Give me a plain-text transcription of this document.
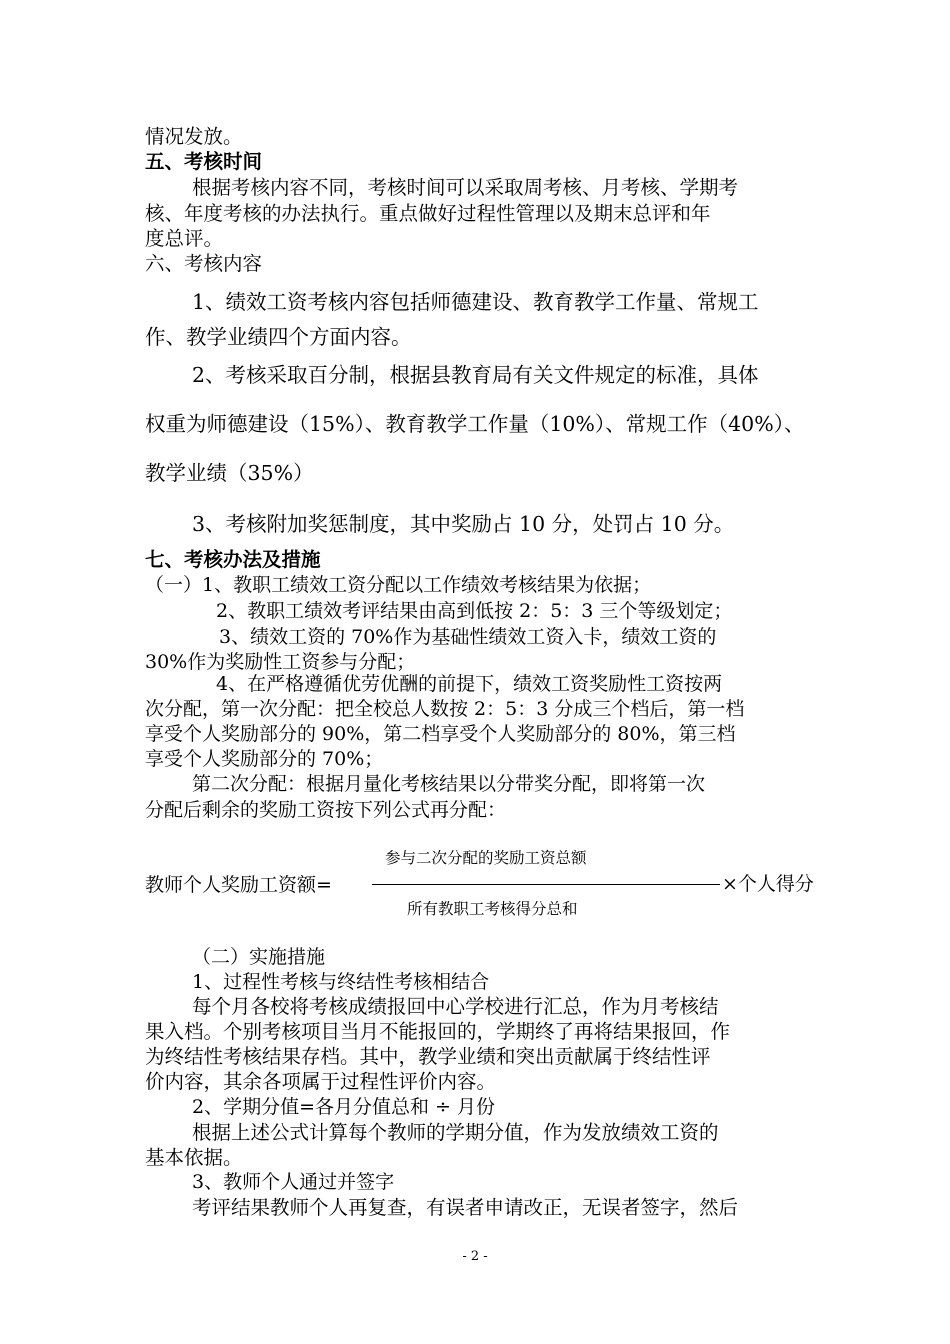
情况发放。
五、考核时间
根据考核内容不同，考核时间可以采取周考核、月考核、学期考
核、年度考核的办法执行。重点做好过程性管理以及期末总评和年
度总评。
六、考核内容
1、绩效工资考核内容包括师德建设、教育教学工作量、常规工
作、教学业绩四个方面内容。
2、考核采取百分制，根据县教育局有关文件规定的标准，具体
权重为师德建设（15%）、教育教学工作量（10%）、常规工作（40%）、
教学业绩（35%）
3、考核附加奖惩制度，其中奖励占 10 分，处罚占 10 分。
七、考核办法及措施
（一）1、教职工绩效工资分配以工作绩效考核结果为依据；
2、教职工绩效考评结果由高到低按 2：5：3 三个等级划定；
3、绩效工资的 70%作为基础性绩效工资入卡，绩效工资的
30%作为奖励性工资参与分配；
4、在严格遵循优劳优酬的前提下，绩效工资奖励性工资按两
次分配，第一次分配：把全校总人数按 2：5：3 分成三个档后，第一档
享受个人奖励部分的 90%，第二档享受个人奖励部分的 80%，第三档
享受个人奖励部分的 70%；
第二次分配：根据月量化考核结果以分带奖分配，即将第一次
分配后剩余的奖励工资按下列公式再分配：
参与二次分配的奖励工资总额
教师个人奖励工资额=	×个人得分
所有教职工考核得分总和
（二）实施措施
1、过程性考核与终结性考核相结合
每个月各校将考核成绩报回中心学校进行汇总，作为月考核结
果入档。个别考核项目当月不能报回的，学期终了再将结果报回，作
为终结性考核结果存档。其中，教学业绩和突出贡献属于终结性评
价内容，其余各项属于过程性评价内容。
2、学期分值=各月分值总和 ÷ 月份
根据上述公式计算每个教师的学期分值，作为发放绩效工资的
基本依据。
3、教师个人通过并签字
考评结果教师个人再复查，有误者申请改正，无误者签字，然后
- 2 -
